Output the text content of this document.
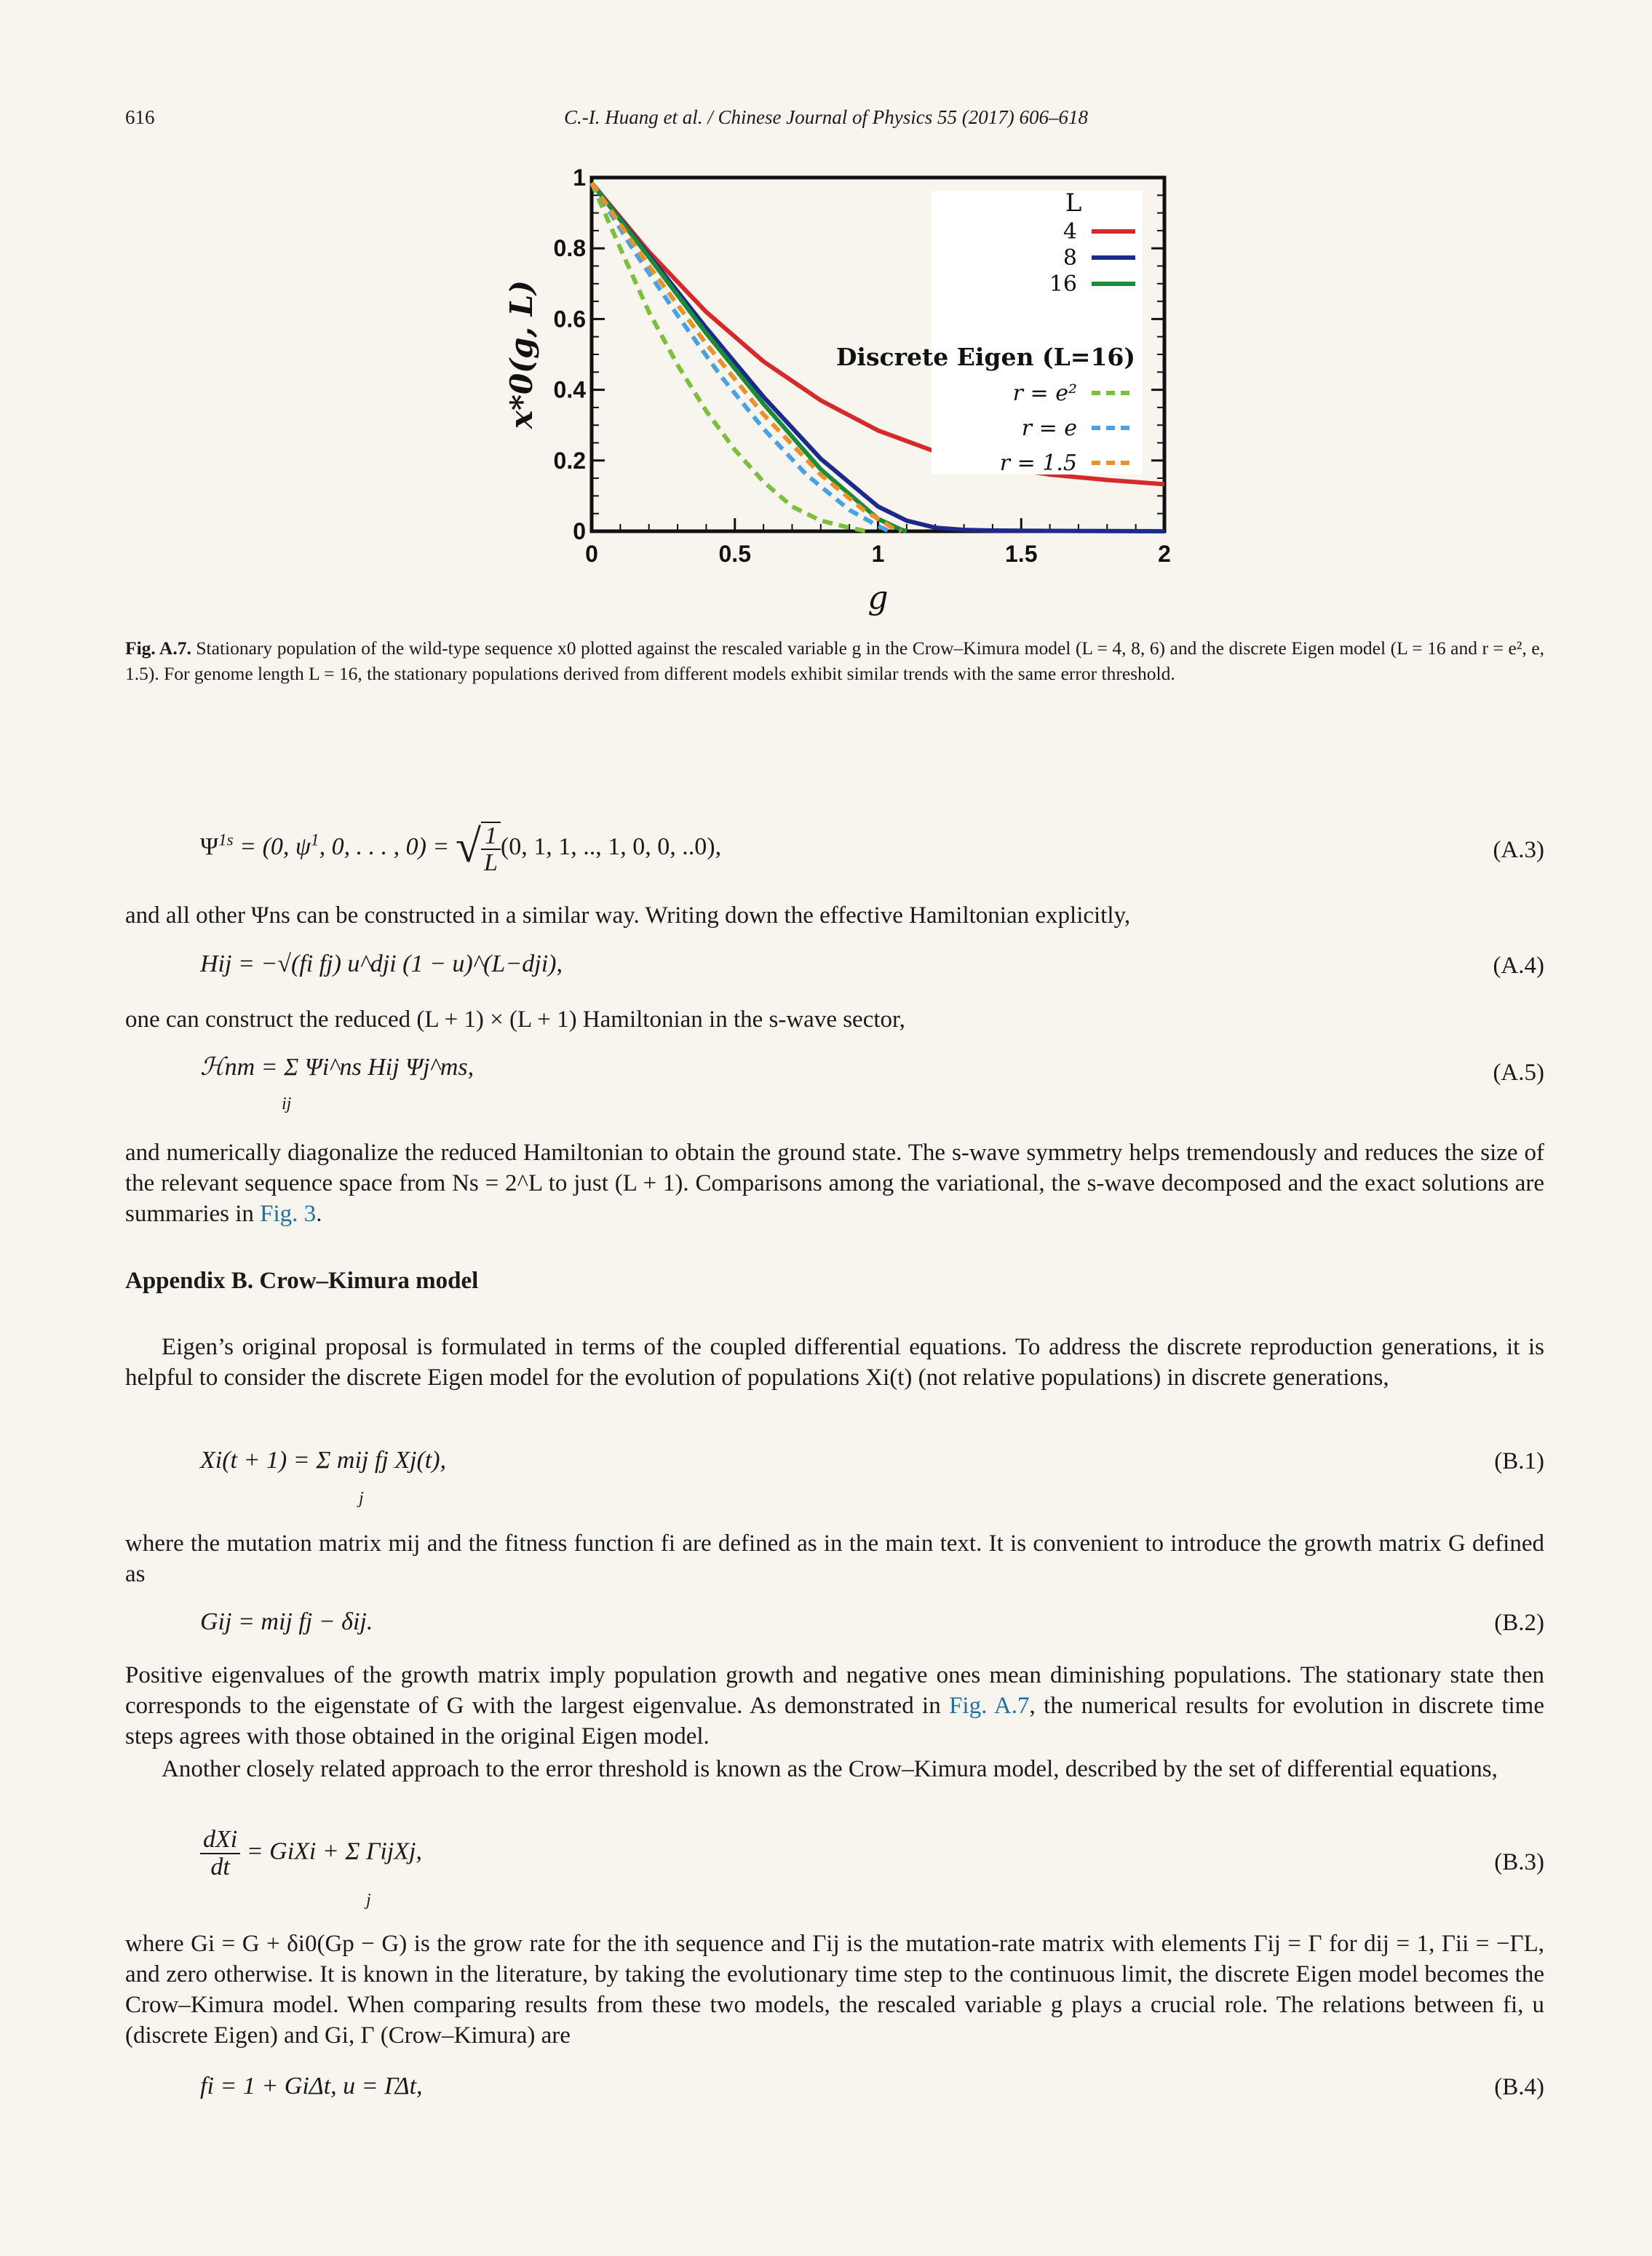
616	C.-I. Huang et al. / Chinese Journal of Physics 55 (2017) 606–618
0
0.2
0.4
0.6
0.8
1
0	0.5	1	1.5	2
g
x*0(g, L)
L
4
8
16
Discrete Eigen (L=16)
r = e²
r = e
r = 1.5
Fig. A.7. Stationary population of the wild-type sequence x0 plotted against the rescaled variable g in the Crow–Kimura model (L = 4, 8, 6) and the discrete Eigen model (L = 16 and r = e², e, 1.5). For genome length L = 16, the stationary populations derived from different models exhibit similar trends with the same error threshold.
$\Psi^{1s} = (0$, $\psi^1$, 0, . . . , 0) = √ $\frac{1}{L} (0$, 1, 1, .., 1, 0, 0, ..0),	(A.3)

and all other Ψns can be constructed in a similar way. Writing down the effective Hamiltonian explicitly,

Hij = −√(fi fj) u^dji (1 − u)^(L−dji),	(A.4)

one can construct the reduced (L + 1) × (L + 1) Hamiltonian in the s-wave sector,

ℋnm = Σ Ψi^ns Hij Ψj^ms,
ij
(A.5)

and numerically diagonalize the reduced Hamiltonian to obtain the ground state. The s-wave symmetry helps tremendously and reduces the size of the relevant sequence space from Ns = 2^L to just (L + 1). Comparisons among the variational, the s-wave decomposed and the exact solutions are summaries in Fig. 3.

Appendix B. Crow–Kimura model

Eigen’s original proposal is formulated in terms of the coupled differential equations. To address the discrete reproduction generations, it is helpful to consider the discrete Eigen model for the evolution of populations Xi(t) (not relative populations) in discrete generations,

Xi(t + 1) = Σ mij fj Xj(t),
j
(B.1)

where the mutation matrix mij and the fitness function fi are defined as in the main text. It is convenient to introduce the growth matrix G defined as

Gij = mij fj − δij.	(B.2)

Positive eigenvalues of the growth matrix imply population growth and negative ones mean diminishing populations. The stationary state then corresponds to the eigenstate of G with the largest eigenvalue. As demonstrated in Fig. A.7, the numerical results for evolution in discrete time steps agrees with those obtained in the original Eigen model.

Another closely related approach to the error threshold is known as the Crow–Kimura model, described by the set of differential equations,

$\frac{\text{dXi}}{dt}$ = GiXi + Σ ΓijXj,
j
(B.3)

where Gi = G + δi0(Gp − G) is the grow rate for the ith sequence and Γij is the mutation-rate matrix with elements Γij = Γ for dij = 1, Γii = −ΓL, and zero otherwise. It is known in the literature, by taking the evolutionary time step to the continuous limit, the discrete Eigen model becomes the Crow–Kimura model. When comparing results from these two models, the rescaled variable g plays a crucial role. The relations between fi, u (discrete Eigen) and Gi, Γ (Crow–Kimura) are

fi = 1 + GiΔt, u = ΓΔt,	(B.4)
